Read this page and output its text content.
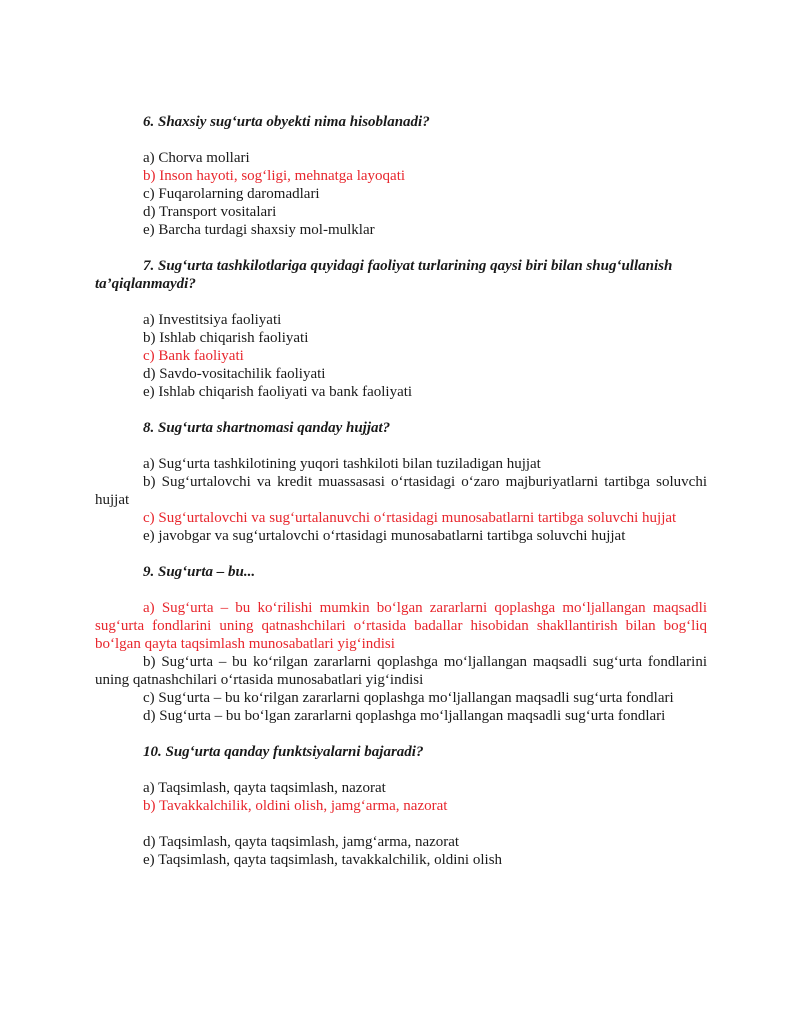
6. Shaxsiy sug‘urta obyekti nima hisoblanadi?
a) Chorva mollari
b) Inson hayoti, sog‘ligi, mehnatga layoqati
c) Fuqarolarning daromadlari
d) Transport vositalari
e) Barcha turdagi shaxsiy mol-mulklar
7. Sug‘urta tashkilotlariga quyidagi faoliyat turlarining qaysi biri bilan shug‘ullanish
ta’qiqlanmaydi?
a) Investitsiya faoliyati
b) Ishlab chiqarish faoliyati
c) Bank faoliyati
d) Savdo-vositachilik faoliyati
e) Ishlab chiqarish faoliyati va bank faoliyati
8. Sug‘urta shartnomasi qanday hujjat?
a) Sug‘urta tashkilotining yuqori tashkiloti bilan tuziladigan hujjat
b) Sug‘urtalovchi va kredit muassasasi o‘rtasidagi o‘zaro majburiyatlarni tartibga soluvchi hujjat
c) Sug‘urtalovchi va sug‘urtalanuvchi o‘rtasidagi munosabatlarni tartibga soluvchi hujjat
e) javobgar va sug‘urtalovchi o‘rtasidagi munosabatlarni tartibga soluvchi hujjat
9. Sug‘urta – bu...
a) Sug‘urta – bu ko‘rilishi mumkin bo‘lgan zararlarni qoplashga mo‘ljallangan maqsadli sug‘urta fondlarini uning qatnashchilari o‘rtasida badallar hisobidan shakllantirish bilan bog‘liq bo‘lgan qayta taqsimlash munosabatlari yig‘indisi
b) Sug‘urta – bu ko‘rilgan zararlarni qoplashga mo‘ljallangan maqsadli sug‘urta fondlarini uning qatnashchilari o‘rtasida munosabatlari yig‘indisi
c) Sug‘urta – bu ko‘rilgan zararlarni qoplashga mo‘ljallangan maqsadli sug‘urta fondlari
d) Sug‘urta – bu bo‘lgan zararlarni qoplashga mo‘ljallangan maqsadli sug‘urta fondlari
10. Sug‘urta qanday funktsiyalarni bajaradi?
a) Taqsimlash, qayta taqsimlash, nazorat
b) Tavakkalchilik, oldini olish, jamg‘arma, nazorat
d) Taqsimlash, qayta taqsimlash, jamg‘arma, nazorat
e) Taqsimlash, qayta taqsimlash, tavakkalchilik, oldini olish
